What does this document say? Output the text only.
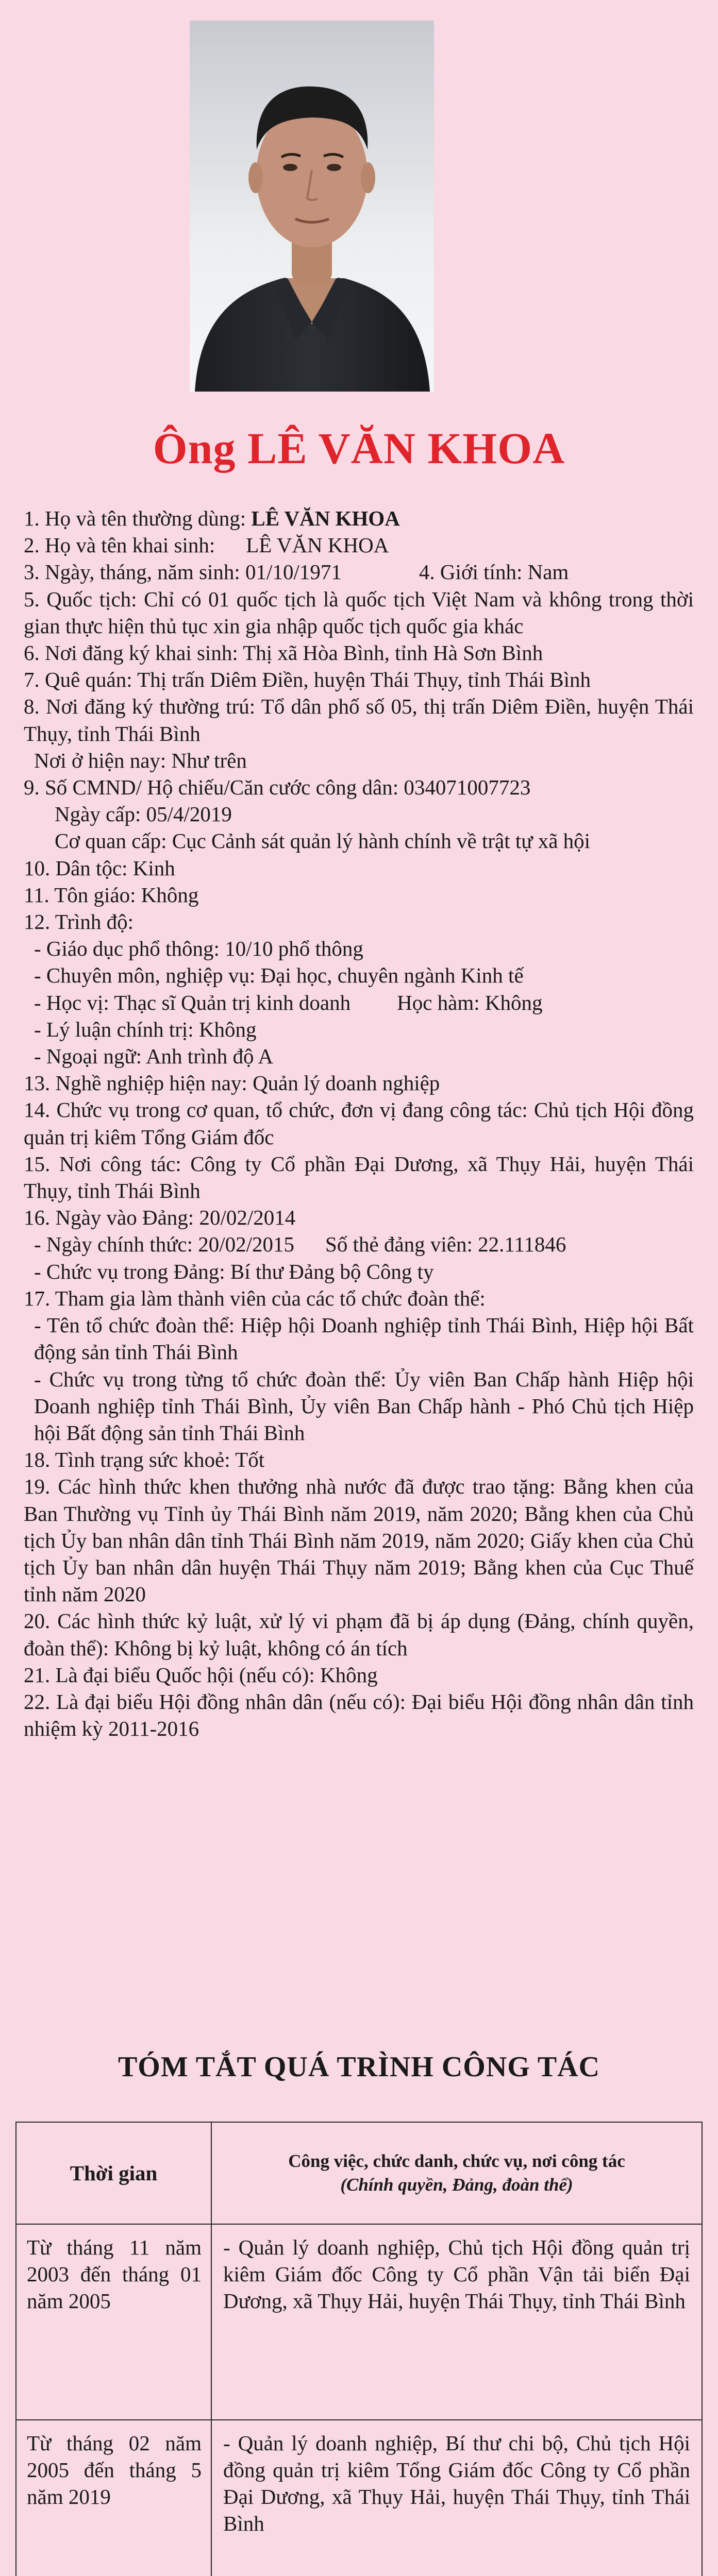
Ông LÊ VĂN KHOA

1. Họ và tên thường dùng: LÊ VĂN KHOA

2. Họ và tên khai sinh: LÊ VĂN KHOA

3. Ngày, tháng, năm sinh: 01/10/1971	4. Giới tính: Nam

5. Quốc tịch: Chỉ có 01 quốc tịch là quốc tịch Việt Nam và không trong thời gian thực hiện thủ tục xin gia nhập quốc tịch quốc gia khác

6. Nơi đăng ký khai sinh: Thị xã Hòa Bình, tỉnh Hà Sơn Bình

7. Quê quán: Thị trấn Diêm Điền, huyện Thái Thụy, tỉnh Thái Bình

8. Nơi đăng ký thường trú: Tổ dân phố số 05, thị trấn Diêm Điền, huyện Thái Thụy, tỉnh Thái Bình

Nơi ở hiện nay: Như trên

9. Số CMND/ Hộ chiếu/Căn cước công dân: 034071007723

Ngày cấp: 05/4/2019

Cơ quan cấp: Cục Cảnh sát quản lý hành chính về trật tự xã hội

10. Dân tộc: Kinh

11. Tôn giáo: Không

12. Trình độ:

- Giáo dục phổ thông: 10/10 phổ thông

- Chuyên môn, nghiệp vụ: Đại học, chuyên ngành Kinh tế

- Học vị: Thạc sĩ Quản trị kinh doanh Học hàm: Không

- Lý luận chính trị: Không

- Ngoại ngữ: Anh trình độ A

13. Nghề nghiệp hiện nay: Quản lý doanh nghiệp

14. Chức vụ trong cơ quan, tổ chức, đơn vị đang công tác: Chủ tịch Hội đồng quản trị kiêm Tổng Giám đốc

15. Nơi công tác: Công ty Cổ phần Đại Dương, xã Thụy Hải, huyện Thái Thụy, tỉnh Thái Bình

16. Ngày vào Đảng: 20/02/2014

- Ngày chính thức: 20/02/2015 Số thẻ đảng viên: 22.111846

- Chức vụ trong Đảng: Bí thư Đảng bộ Công ty

17. Tham gia làm thành viên của các tổ chức đoàn thể:

- Tên tổ chức đoàn thể: Hiệp hội Doanh nghiệp tỉnh Thái Bình, Hiệp hội Bất động sản tỉnh Thái Bình

- Chức vụ trong từng tổ chức đoàn thể: Ủy viên Ban Chấp hành Hiệp hội Doanh nghiệp tỉnh Thái Bình, Ủy viên Ban Chấp hành - Phó Chủ tịch Hiệp hội Bất động sản tỉnh Thái Bình

18. Tình trạng sức khoẻ: Tốt

19. Các hình thức khen thưởng nhà nước đã được trao tặng: Bằng khen của Ban Thường vụ Tỉnh ủy Thái Bình năm 2019, năm 2020; Bằng khen của Chủ tịch Ủy ban nhân dân tỉnh Thái Bình năm 2019, năm 2020; Giấy khen của Chủ tịch Ủy ban nhân dân huyện Thái Thụy năm 2019; Bằng khen của Cục Thuế tỉnh năm 2020

20. Các hình thức kỷ luật, xử lý vi phạm đã bị áp dụng (Đảng, chính quyền, đoàn thể): Không bị kỷ luật, không có án tích

21. Là đại biểu Quốc hội (nếu có): Không

22. Là đại biểu Hội đồng nhân dân (nếu có): Đại biểu Hội đồng nhân dân tỉnh nhiệm kỳ 2011-2016

TÓM TẮT QUÁ TRÌNH CÔNG TÁC
Thời gian	Công việc, chức danh, chức vụ, nơi công tác
(Chính quyền, Đảng, đoàn thể)

Từ tháng 11 năm 2003 đến tháng 01 năm 2005	- Quản lý doanh nghiệp, Chủ tịch Hội đồng quản trị kiêm Giám đốc Công ty Cổ phần Vận tải biển Đại Dương, xã Thụy Hải, huyện Thái Thụy, tỉnh Thái Bình
Từ tháng 02 năm 2005 đến tháng 5 năm 2019	- Quản lý doanh nghiệp, Bí thư chi bộ, Chủ tịch Hội đồng quản trị kiêm Tổng Giám đốc Công ty Cổ phần Đại Dương, xã Thụy Hải, huyện Thái Thụy, tỉnh Thái Bình
